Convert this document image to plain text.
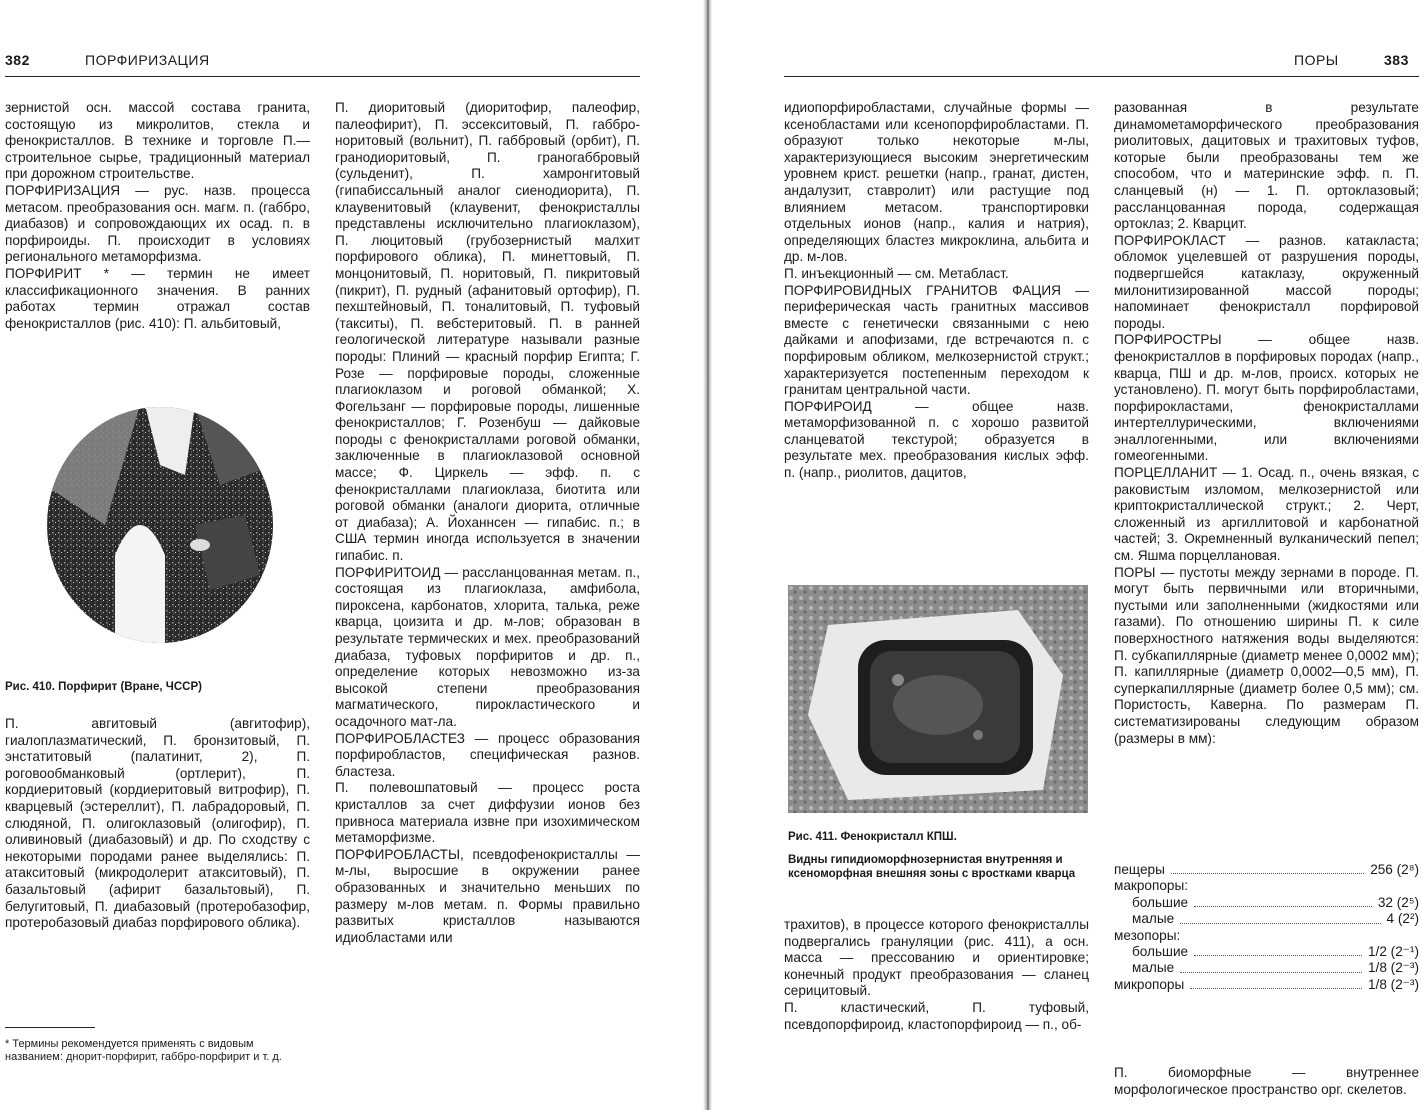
382	ПОРФИРИЗАЦИЯ

зернистой осн. массой состава гранита, состоящую из микролитов, стекла и фенокристаллов. В технике и торговле П.— строительное сырье, традиционный материал при дорожном строительстве.

ПОРФИРИЗАЦИЯ — рус. назв. процесса метасом. преобразования осн. магм. п. (габбро, диабазов) и сопровождающих их осад. п. в порфироиды. П. происходит в условиях регионального метаморфизма.

ПОРФИРИТ * — термин не имеет классификационного значения. В ранних работах термин отражал состав фенокристаллов (рис. 410): П. альбитовый,

Рис. 410. Порфирит (Вране, ЧССР)

П. авгитовый (авгитофир), гиалоплазматический, П. бронзитовый, П. энстатитовый (палатинит, 2), П. роговообманковый (ортлерит), П. кордиеритовый (кордиеритовый витрофир), П. кварцевый (эстереллит), П. лабрадоровый, П. слюдяной, П. олигоклазовый (олигофир), П. оливиновый (диабазовый) и др. По сходству с некоторыми породами ранее выделялись: П. атакситовый (микродолерит атакситовый), П. базальтовый (афирит базальтовый), П. белугитовый, П. диабазовый (протеробазофир, протеробазовый диабаз порфирового облика).

* Термины рекомендуется применять с видовым названием: днорит-порфирит, габбро-порфирит и т. д.

П. диоритовый (диоритофир, палеофир, палеофирит), П. эссекситовый, П. габбро-норитовый (вольнит), П. габбровый (орбит), П. гранодиоритовый, П. граногаббровый (сульденит), П. хамронгитовый (гипабиссальный аналог сиенодиорита), П. клаувенитовый (клаувенит, фенокристаллы представлены исключительно плагиоклазом), П. люцитовый (грубозернистый малхит порфирового облика), П. минеттовый, П. монцонитовый, П. норитовый, П. пикритовый (пикрит), П. рудный (афанитовый ортофир), П. пехштейновый, П. тоналитовый, П. туфовый (такситы), П. вебстеритовый. П. в ранней геологической литературе называли разные породы: Плиний — красный порфир Египта; Г. Розе — порфировые породы, сложенные плагиоклазом и роговой обманкой; Х. Фогельзанг — порфировые породы, лишенные фенокристаллов; Г. Розенбуш — дайковые породы с фенокристаллами роговой обманки, заключенные в плагиоклазовой основной массе; Ф. Циркель — эфф. п. с фенокристаллами плагиоклаза, биотита или роговой обманки (аналоги диорита, отличные от диабаза); А. Йоханнсен — гипабис. п.; в США термин иногда используется в значении гипабис. п.

ПОРФИРИТОИД — рассланцованная метам. п., состоящая из плагиоклаза, амфибола, пироксена, карбонатов, хлорита, талька, реже кварца, цоизита и др. м-лов; образован в результате термических и мех. преобразований диабаза, туфовых порфиритов и др. п., определение которых невозможно из-за высокой степени преобразования магматического, пирокластического и осадочного мат-ла.

ПОРФИРОБЛАСТЕЗ — процесс образования порфиробластов, специфическая разнов. бластеза.

П. полевошпатовый — процесс роста кристаллов за счет диффузии ионов без привноса материала извне при изохимическом метаморфизме.

ПОРФИРОБЛАСТЫ, псевдофенокристаллы — м-лы, выросшие в окружении ранее образованных и значительно меньших по размеру м-лов метам. п. Формы правильно развитых кристаллов называются идиобластами или

ПОРЫ	383

идиопорфиробластами, случайные формы — ксенобластами или ксенопорфиробластами. П. образуют только некоторые м-лы, характеризующиеся высоким энергетическим уровнем крист. решетки (напр., гранат, дистен, андалузит, ставролит) или растущие под влиянием метасом. транспортировки отдельных ионов (напр., калия и натрия), определяющих бластез микроклина, альбита и др. м-лов.

П. инъекционный — см. Метабласт.

ПОРФИРОВИДНЫХ ГРАНИТОВ ФАЦИЯ — периферическая часть гранитных массивов вместе с генетически связанными с нею дайками и апофизами, где встречаются п. с порфировым обликом, мелкозернистой структ.; характеризуется постепенным переходом к гранитам центральной части.

ПОРФИРОИД — общее назв. метаморфизованной п. с хорошо развитой сланцеватой текстурой; образуется в результате мех. преобразования кислых эфф. п. (напр., риолитов, дацитов,

Рис. 411. Фенокристалл КПШ.
Видны гипидиоморфнозернистая внутренняя и ксеноморфная внешняя зоны с вростками кварца

трахитов), в процессе которого фенокристаллы подвергались грануляции (рис. 411), а осн. масса — прессованию и ориентировке; конечный продукт преобразования — сланец серицитовый.

П. кластический, П. туфовый, псевдопорфироид, кластопорфироид — п., об-

разованная в результате динамометаморфического преобразования риолитовых, дацитовых и трахитовых туфов, которые были преобразованы тем же способом, что и материнские эфф. п. П. сланцевый (н) — 1. П. ортоклазовый; рассланцованная порода, содержащая ортоклаз; 2. Кварцит.

ПОРФИРОКЛАСТ — разнов. катакласта; обломок уцелевшей от разрушения породы, подвергшейся катаклазу, окруженный милонитизированной массой породы; напоминает фенокристалл порфировой породы.

ПОРФИРОСТРЫ — общее назв. фенокристаллов в порфировых породах (напр., кварца, ПШ и др. м-лов, происх. которых не установлено). П. могут быть порфиробластами, порфирокластами, фенокристаллами интертеллурическими, включениями эналлогенными, или включениями гомеогенными.

ПОРЦЕЛЛАНИТ — 1. Осад. п., очень вязкая, с раковистым изломом, мелкозернистой или криптокристаллической структ.; 2. Черт, сложенный из аргиллитовой и карбонатной частей; 3. Окремненный вулканический пепел; см. Яшма порцеллановая.

ПОРЫ — пустоты между зернами в породе. П. могут быть первичными или вторичными, пустыми или заполненными (жидкостями или газами). По отношению ширины П. к силе поверхностного натяжения воды выделяются: П. субкапиллярные (диаметр менее 0,0002 мм); П. капиллярные (диаметр 0,0002—0,5 мм), П. суперкапиллярные (диаметр более 0,5 мм); см. Пористость, Каверна. По размерам П. систематизированы следующим образом (размеры в мм):

пещеры	256 (2⁸)
макропоры:
большие	32 (2⁵)
малые	4 (2²)
мезопоры:
большие	1/2 (2⁻¹)
малые	1/8 (2⁻³)
микропоры	1/8 (2⁻³)

П. биоморфные — внутреннее морфологическое пространство орг. скелетов.
